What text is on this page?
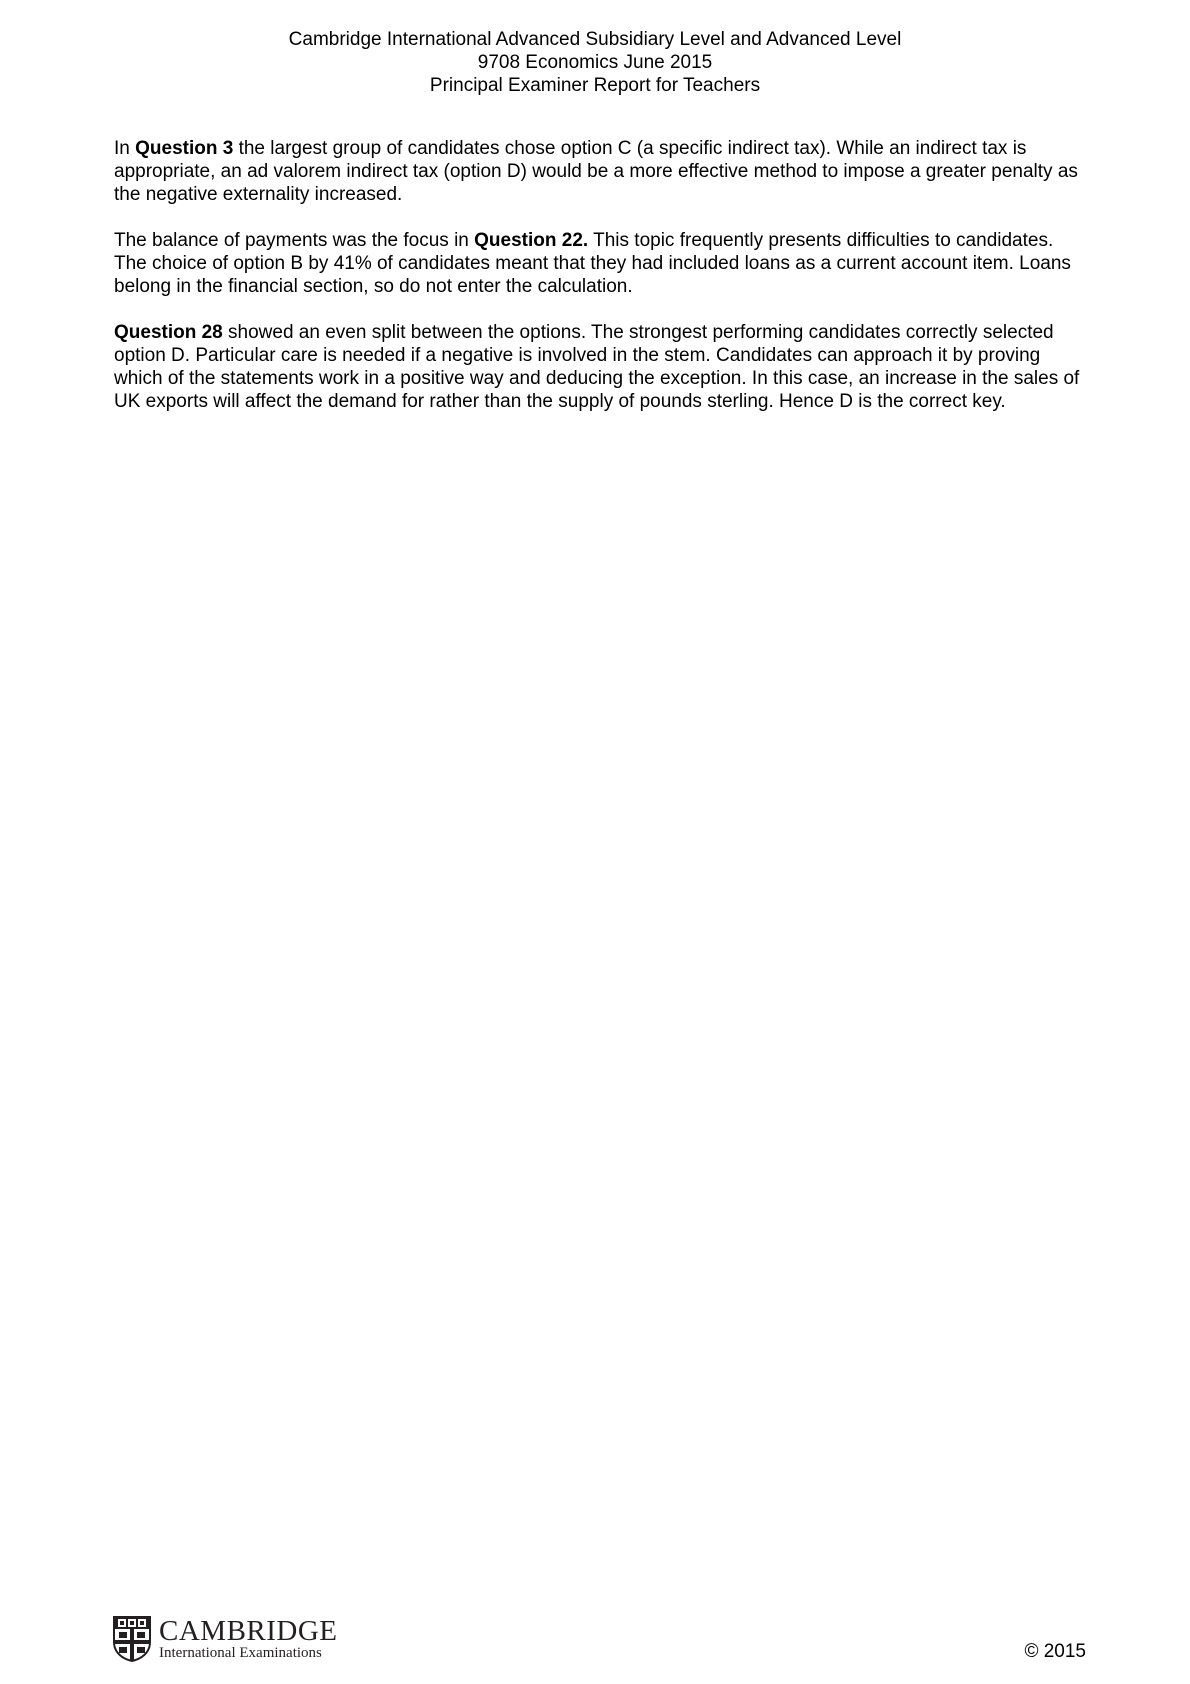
Cambridge International Advanced Subsidiary Level and Advanced Level
9708 Economics June 2015
Principal Examiner Report for Teachers

In Question 3 the largest group of candidates chose option C (a specific indirect tax). While an indirect tax is appropriate, an ad valorem indirect tax (option D) would be a more effective method to impose a greater penalty as the negative externality increased.

The balance of payments was the focus in Question 22. This topic frequently presents difficulties to candidates. The choice of option B by 41% of candidates meant that they had included loans as a current account item. Loans belong in the financial section, so do not enter the calculation.

Question 28 showed an even split between the options. The strongest performing candidates correctly selected option D. Particular care is needed if a negative is involved in the stem. Candidates can approach it by proving which of the statements work in a positive way and deducing the exception. In this case, an increase in the sales of UK exports will affect the demand for rather than the supply of pounds sterling. Hence D is the correct key.

CAMBRIDGE
International Examinations	© 2015
